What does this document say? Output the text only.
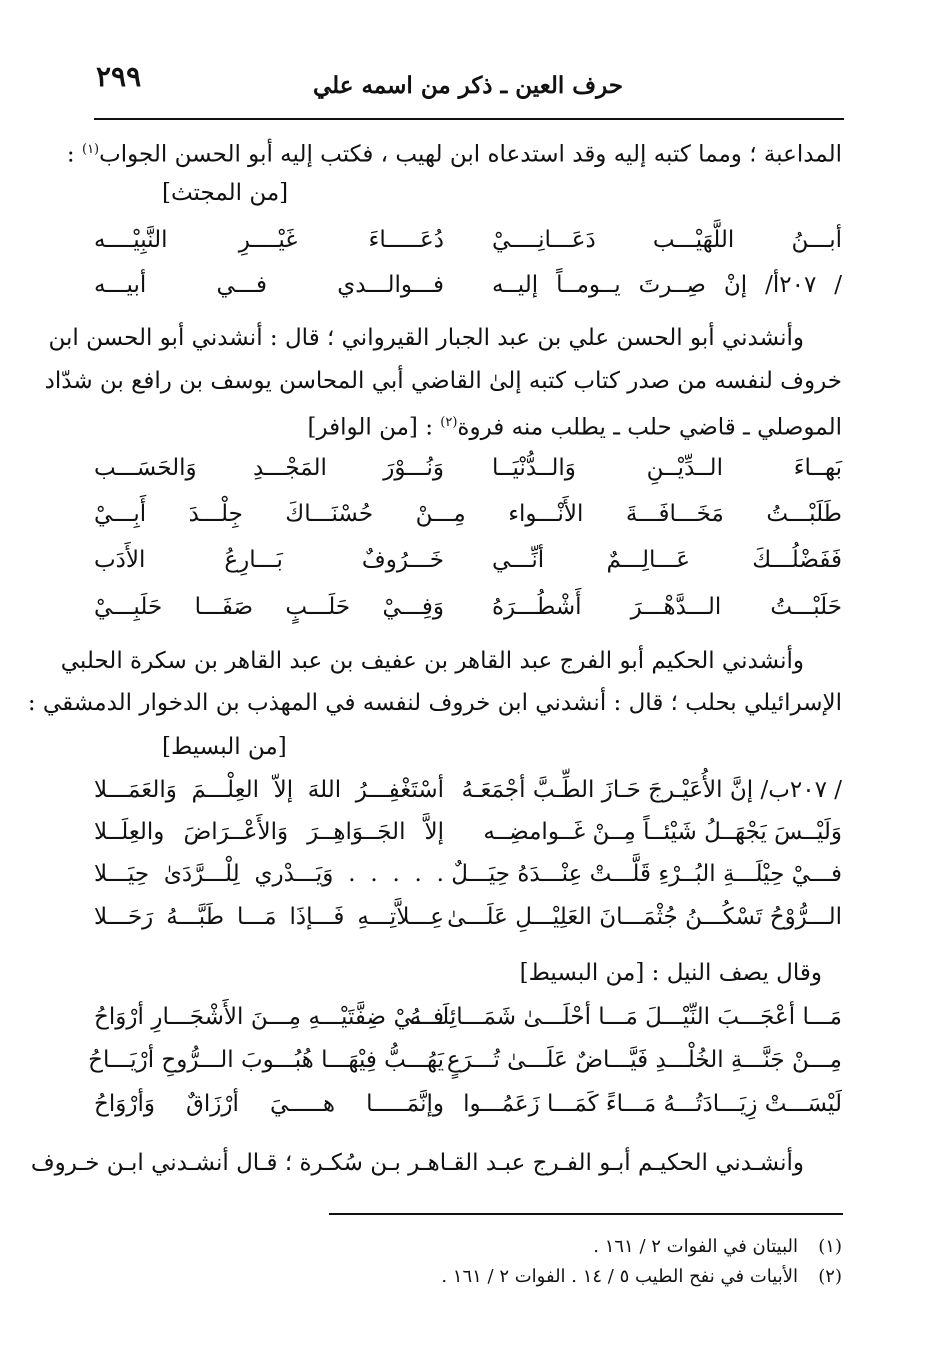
٢٩٩	حرف العين ـ ذكر من اسمه علي
المداعبة ؛ ومما كتبه إليه وقد استدعاه ابن لهيب ، فكتب إليه أبو الحسن الجواب$^{(١)}$ :
[من المجتث]
أبـــنُ اللَّهَيْـــب دَعَـــانِــــيْ
دُعَـــــاءَ غَيْــــرِ النَّبِيْــــه
/ ٢٠٧أ/ إنْ صِــرتَ يــومــاً إليــه
فـــوالـــدي فـــي أبيـــه
وأنشدني أبو الحسن علي بن عبد الجبار القيرواني ؛ قال : أنشدني أبو الحسن ابن
خروف لنفسه من صدر كتاب كتبه إلىٰ القاضي أبي المحاسن يوسف بن رافع بن شدّاد
الموصلي ـ قاضي حلب ـ يطلب منه فروة$^{(٢)}$ : [من الوافر]
بَهــاءَ الــدِّيْــنِ وَالــدُّنْيَــا
وَنُـــوْرَ المَجْـــدِ وَالحَسَـــب
طَلَبْـــتُ مَخَـــافَـــةَ الأَنْـــواء مِـــنْ حُسْنَـــاكَ جِلْـــدَ أَبِـــيْ
فَفَضْلُـــكَ عَـــالِـــمٌ أنِّـــي
خَـــرُوفٌ بَـــارِعُ الأَدَب
حَلَبْـــتُ الـــدَّهْـــرَ أَشْطُـــرَهُ
وَفِـــيْ حَلَـــبٍ صَفَـــا حَلَبِـــيْ
وأنشدني الحكيم أبو الفرج عبد القاهر بن عفيف بن عبد القاهر بن سكرة الحلبي
الإسرائيلي بحلب ؛ قال : أنشدني ابن خروف لنفسه في المهذب بن الدخوار الدمشقي :
[من البسيط]
/ ٢٠٧ب/ إنَّ الأُعَيْـرجَ حَـازَ الطِّـبَّ أجْمَعَـهُ
أسْتَغْفِـــرُ اللهَ إلاّ العِلْـــمَ وَالعَمَـــلا
وَلَيْــسَ يَجْهَــلُ شَيْئــاً مِــنْ غَــوامضِــه
إلاَّ الجَــوَاهِــرَ وَالأَعْــرَاضَ والعِلَــلا
فـــيْ حِيْلَـــةِ البُــرْءِ قَلَّـــتْ عِنْـــدَهُ حِيَـــلٌ
. . . . . وَيَـــدْري لِلْـــرَّدَىٰ حِيَـــلا
الـــرُّوْحُ تَسْكُـــنُ جُثْمَـــانَ العَلِيْـــلِ عَلَـــىٰ
عِـــلاَّتِـــهِ فَـــإذَا مَـــا طَبَّـــهُ رَحَـــلا
وقال يصف النيل : [من البسيط]
مَـــا أعْجَـــبَ النِّيْـــلَ مَـــا أحْلَـــىٰ شَمَـــائِلَـــهُ
فـــيْ ضِفَّتَيْـــهِ مِـــنَ الأَشْجَـــارِ أرْوَاحُ
مِـــنْ جَنَّـــةِ الخُلْـــدِ فَيَّـــاضٌ عَلَـــىٰ تُـــرَعٍ
يَهُـــبُّ فِيْهَـــا هُبُـــوبَ الـــرُّوحِ أرْيَـــاحُ
لَيْسَـــتْ زِيَـــادَتُـــهُ مَـــاءً كَمَـــا زَعَمُـــوا
وإنَّمَـــــا هـــــيَ أرْزَاقٌ وَأرْوَاحُ
وأنشـدني الحكيـم أبـو الفـرج عبـد القـاهـر بـن سُكـرة ؛ قـال أنشـدني ابـن خـروف
(١)البيتان في الفوات ٢ / ١٦١ .
(٢)الأبيات في نفح الطيب ٥ / ١٤ . الفوات ٢ / ١٦١ .
